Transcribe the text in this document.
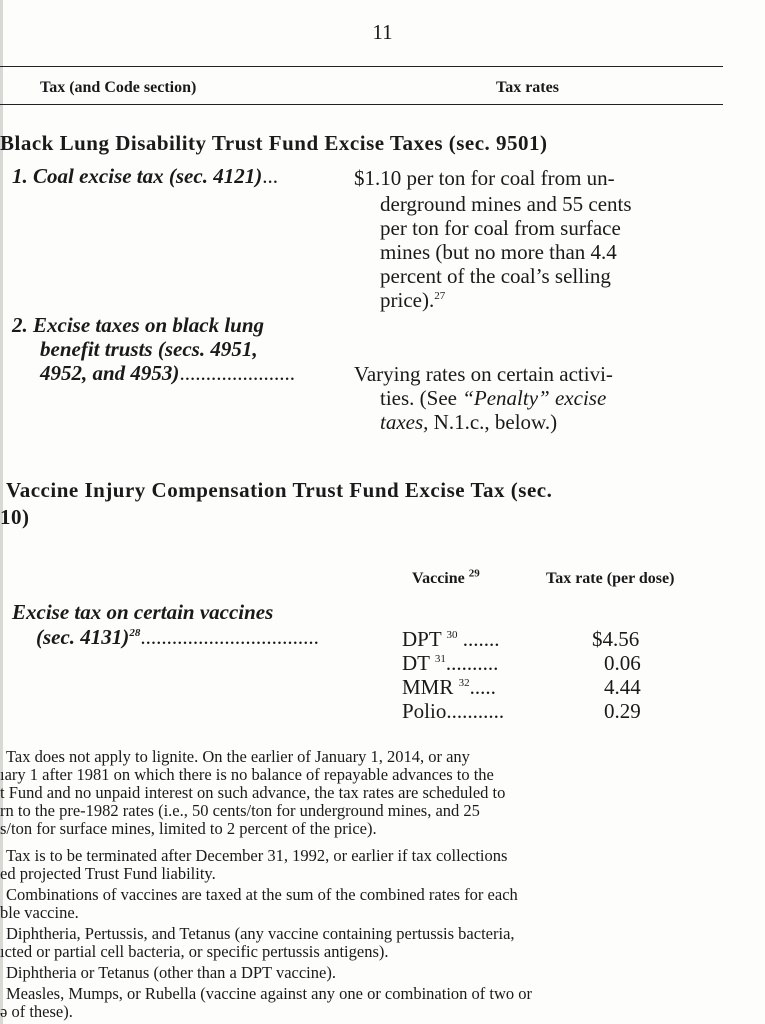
11
Tax (and Code section)	Tax rates
Black Lung Disability Trust Fund Excise Taxes (sec. 9501)
1. Coal excise tax (sec. 4121)...	$1.10 per ton for coal from un-
derground mines and 55 cents
per ton for coal from surface
mines (but no more than 4.4
percent of the coal’s selling
price).$^{27}$
2. Excise taxes on black lung
benefit trusts (secs. 4951,
4952, and 4953)......................	Varying rates on certain activi-
ties. (See “Penalty” excise
taxes, N.1.c., below.)
Vaccine Injury Compensation Trust Fund Excise Tax (sec.
10)
Vaccine $^{29}$	Tax rate (per dose)
Excise tax on certain vaccines
(sec. 4131)$^{28}$..................................	DPT $^{30}$ .......	$4.56
DT $^{31}$..........	0.06
MMR $^{32}$.....	4.44
Polio...........	0.29
Tax does not apply to lignite. On the earlier of January 1, 2014, or any
ıary 1 after 1981 on which there is no balance of repayable advances to the
t Fund and no unpaid interest on such advance, the tax rates are scheduled to
rn to the pre-1982 rates (i.e., 50 cents/ton for underground mines, and 25
s/ton for surface mines, limited to 2 percent of the price).
Tax is to be terminated after December 31, 1992, or earlier if tax collections
ed projected Trust Fund liability.
Combinations of vaccines are taxed at the sum of the combined rates for each
ble vaccine.
Diphtheria, Pertussis, and Tetanus (any vaccine containing pertussis bacteria,
ıcted or partial cell bacteria, or specific pertussis antigens).
Diphtheria or Tetanus (other than a DPT vaccine).
Measles, Mumps, or Rubella (vaccine against any one or combination of two or
ə of these).
